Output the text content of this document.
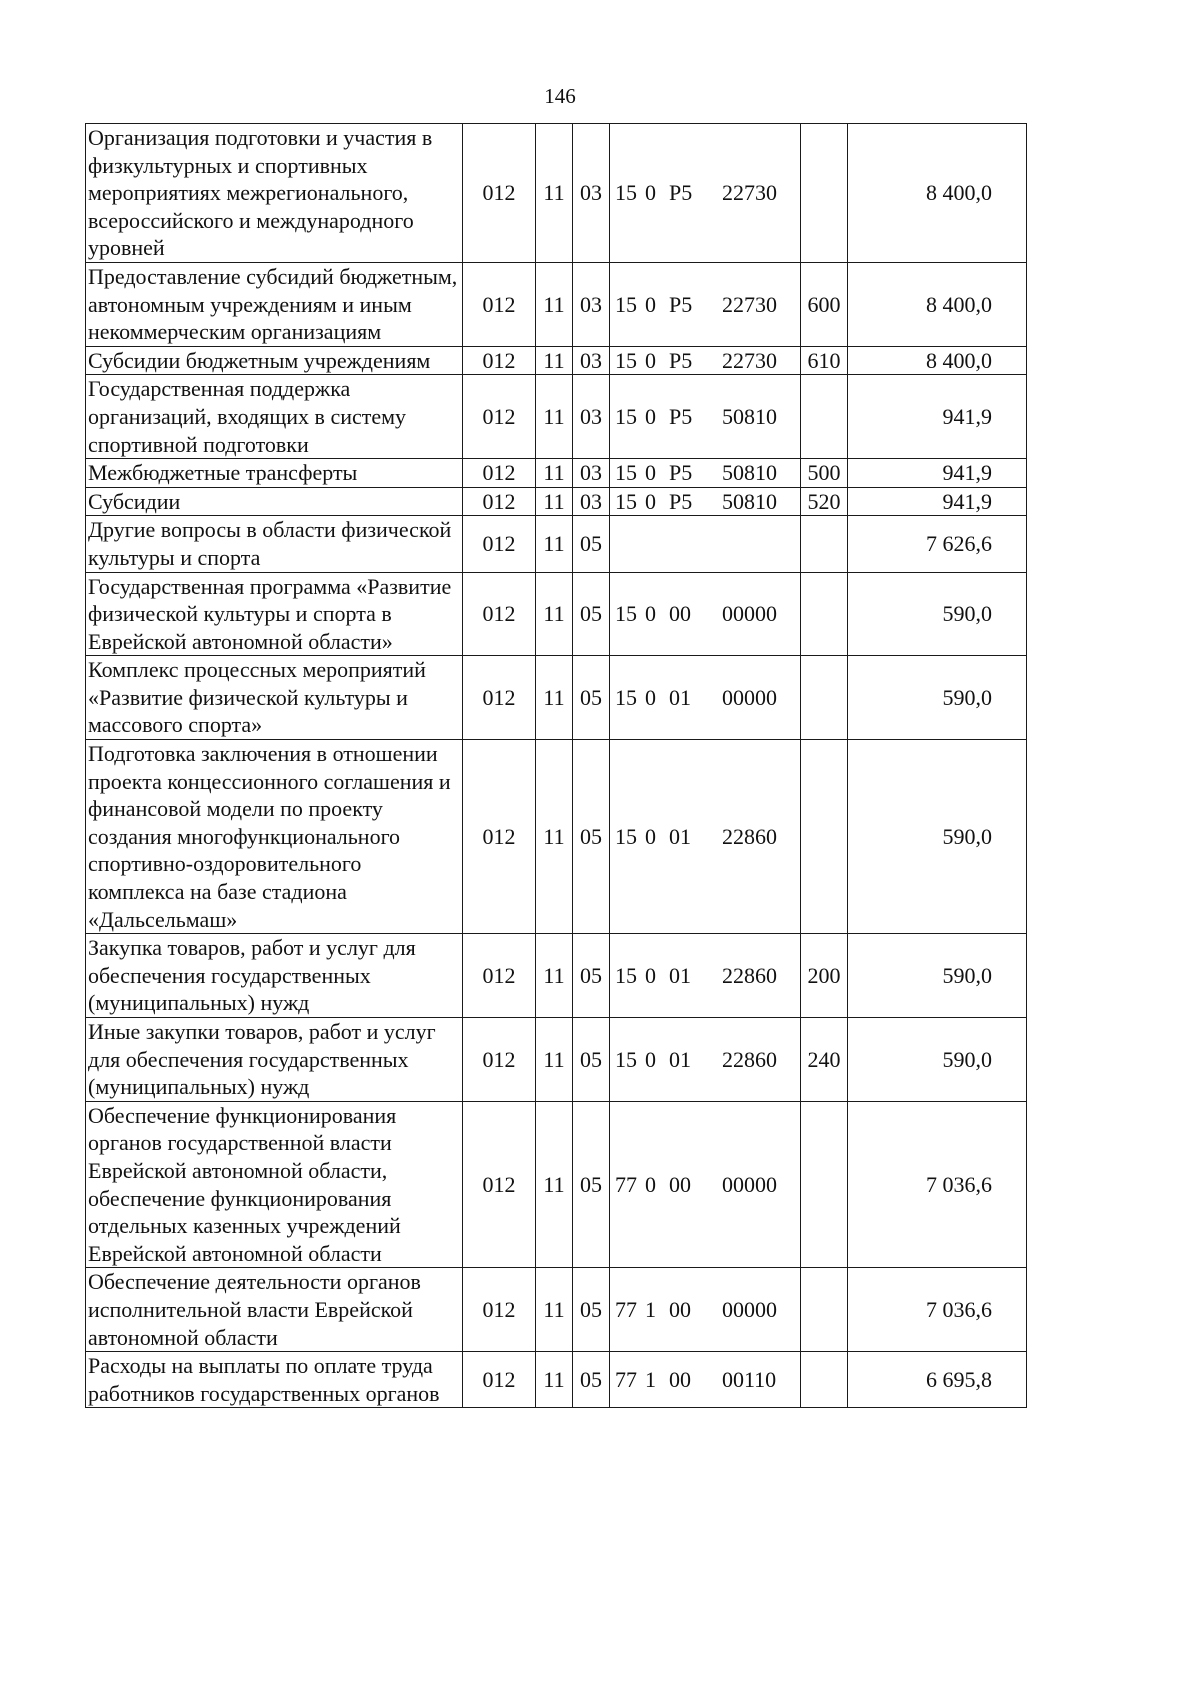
146
Организация подготовки и участия в физкультурных и спортивных мероприятиях межрегионального, всероссийского и международного уровней	012	11	03	15 0 P5 22730		8 400,0
Предоставление субсидий бюджетным, автономным учреждениям и иным некоммерческим организациям	012	11	03	15 0 P5 22730	600	8 400,0
Субсидии бюджетным учреждениям	012	11	03	15 0 P5 22730	610	8 400,0
Государственная поддержка организаций, входящих в систему спортивной подготовки	012	11	03	15 0 P5 50810		941,9
Межбюджетные трансферты	012	11	03	15 0 P5 50810	500	941,9
Субсидии	012	11	03	15 0 P5 50810	520	941,9
Другие вопросы в области физической культуры и спорта	012	11	05			7 626,6
Государственная программа «Развитие физической культуры и спорта в Еврейской автономной области»	012	11	05	15 0 00 00000		590,0
Комплекс процессных мероприятий «Развитие физической культуры и массового спорта»	012	11	05	15 0 01 00000		590,0
Подготовка заключения в отношении проекта концессионного соглашения и финансовой модели по проекту создания многофункционального спортивно-оздоровительного комплекса на базе стадиона «Дальсельмаш»	012	11	05	15 0 01 22860		590,0
Закупка товаров, работ и услуг для обеспечения государственных (муниципальных) нужд	012	11	05	15 0 01 22860	200	590,0
Иные закупки товаров, работ и услуг для обеспечения государственных (муниципальных) нужд	012	11	05	15 0 01 22860	240	590,0
Обеспечение функционирования органов государственной власти Еврейской автономной области, обеспечение функционирования отдельных казенных учреждений Еврейской автономной области	012	11	05	77 0 00 00000		7 036,6
Обеспечение деятельности органов исполнительной власти Еврейской автономной области	012	11	05	77 1 00 00000		7 036,6
Расходы на выплаты по оплате труда работников государственных органов	012	11	05	77 1 00 00110		6 695,8
